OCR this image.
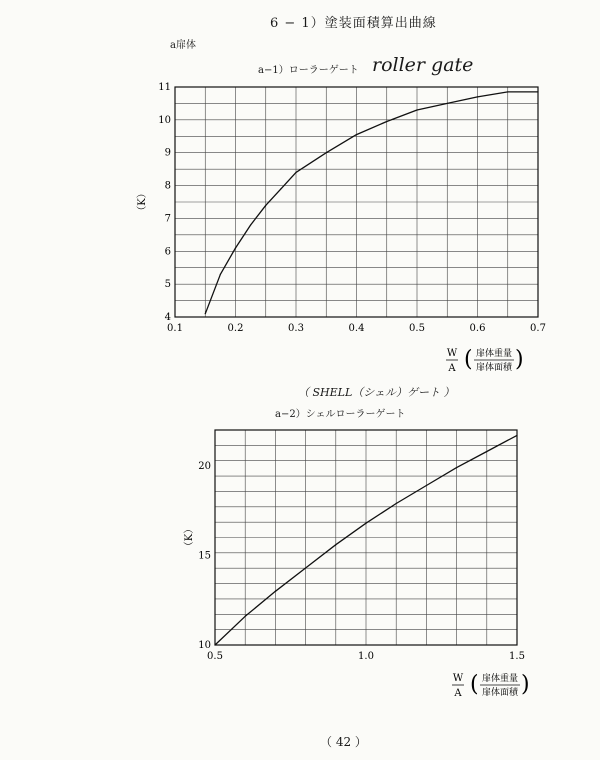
6 − 1）塗装面積算出曲線
a扉体
a−1）ローラーゲート roller gate
（ SHELL（シェル）ゲート ）
a−2）シェルローラーゲート
（ 42 ）
0.1	0.2	0.3	0.4	0.5	0.6	0.7
4
5
6
7
8
9
10
11
（K）
W
A ( 扉体重量
扉体面積 )
0.5	1.0	1.5
10
15
20
（K）
W
A ( 扉体重量
扉体面積 )
